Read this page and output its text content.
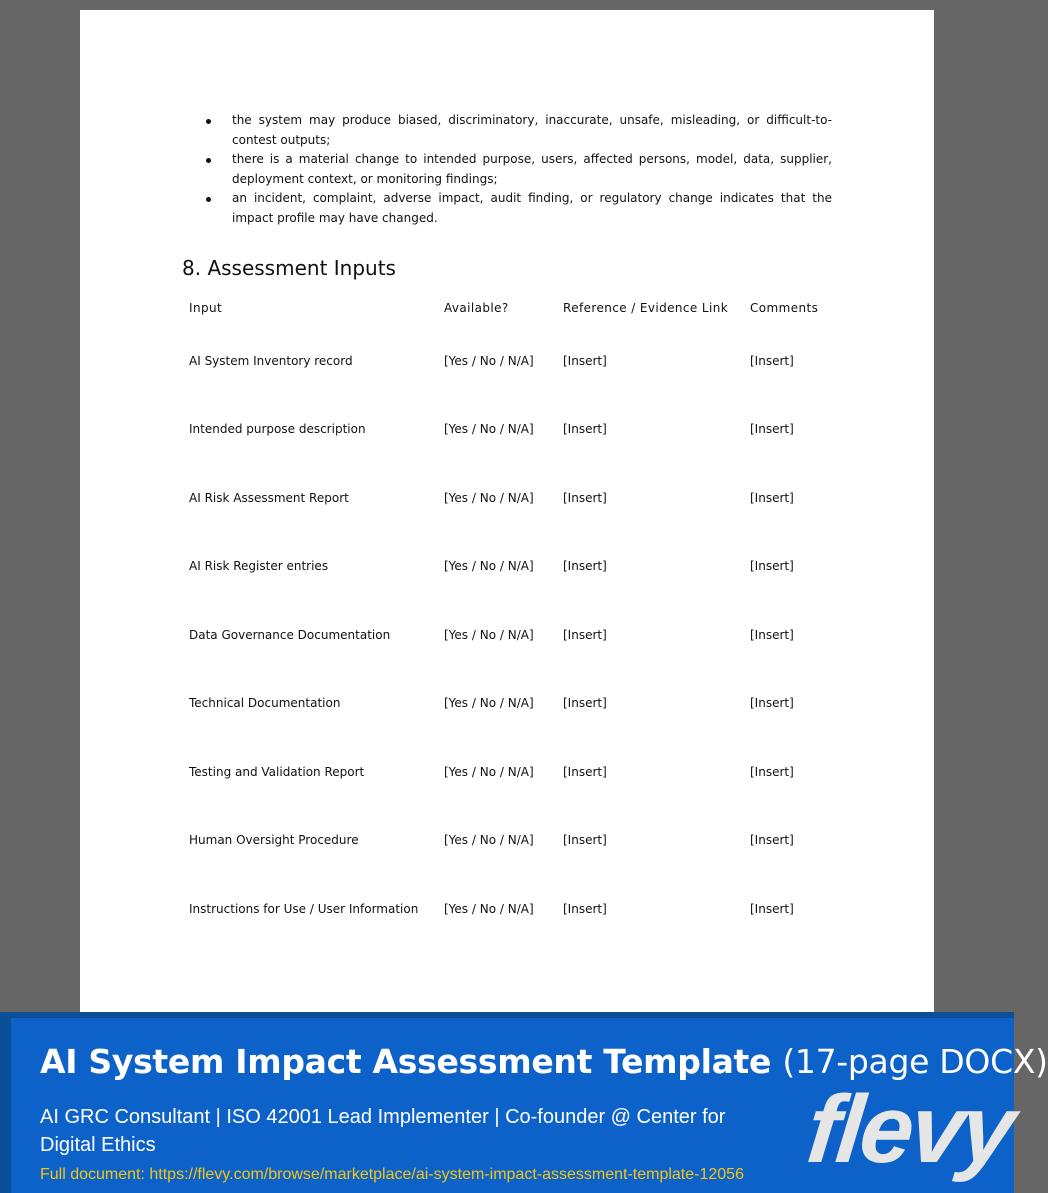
the system may produce biased, discriminatory, inaccurate, unsafe, misleading, or difficult-to-contest outputs;
there is a material change to intended purpose, users, affected persons, model, data, supplier, deployment context, or monitoring findings;
an incident, complaint, adverse impact, audit finding, or regulatory change indicates that the impact profile may have changed.
8. Assessment Inputs
Input	Available?	Reference / Evidence Link	Comments
AI System Inventory record	[Yes / No / N/A]	[Insert]	[Insert]
Intended purpose description	[Yes / No / N/A]	[Insert]	[Insert]
AI Risk Assessment Report	[Yes / No / N/A]	[Insert]	[Insert]
AI Risk Register entries	[Yes / No / N/A]	[Insert]	[Insert]
Data Governance Documentation	[Yes / No / N/A]	[Insert]	[Insert]
Technical Documentation	[Yes / No / N/A]	[Insert]	[Insert]
Testing and Validation Report	[Yes / No / N/A]	[Insert]	[Insert]
Human Oversight Procedure	[Yes / No / N/A]	[Insert]	[Insert]
Instructions for Use / User Information	[Yes / No / N/A]	[Insert]	[Insert]
AI System Impact Assessment Template (17-page DOCX)

AI GRC Consultant | ISO 42001 Lead Implementer | Co-founder @ Center for Digital Ethics

Full document: https://flevy.com/browse/marketplace/ai-system-impact-assessment-template-12056 flevy
